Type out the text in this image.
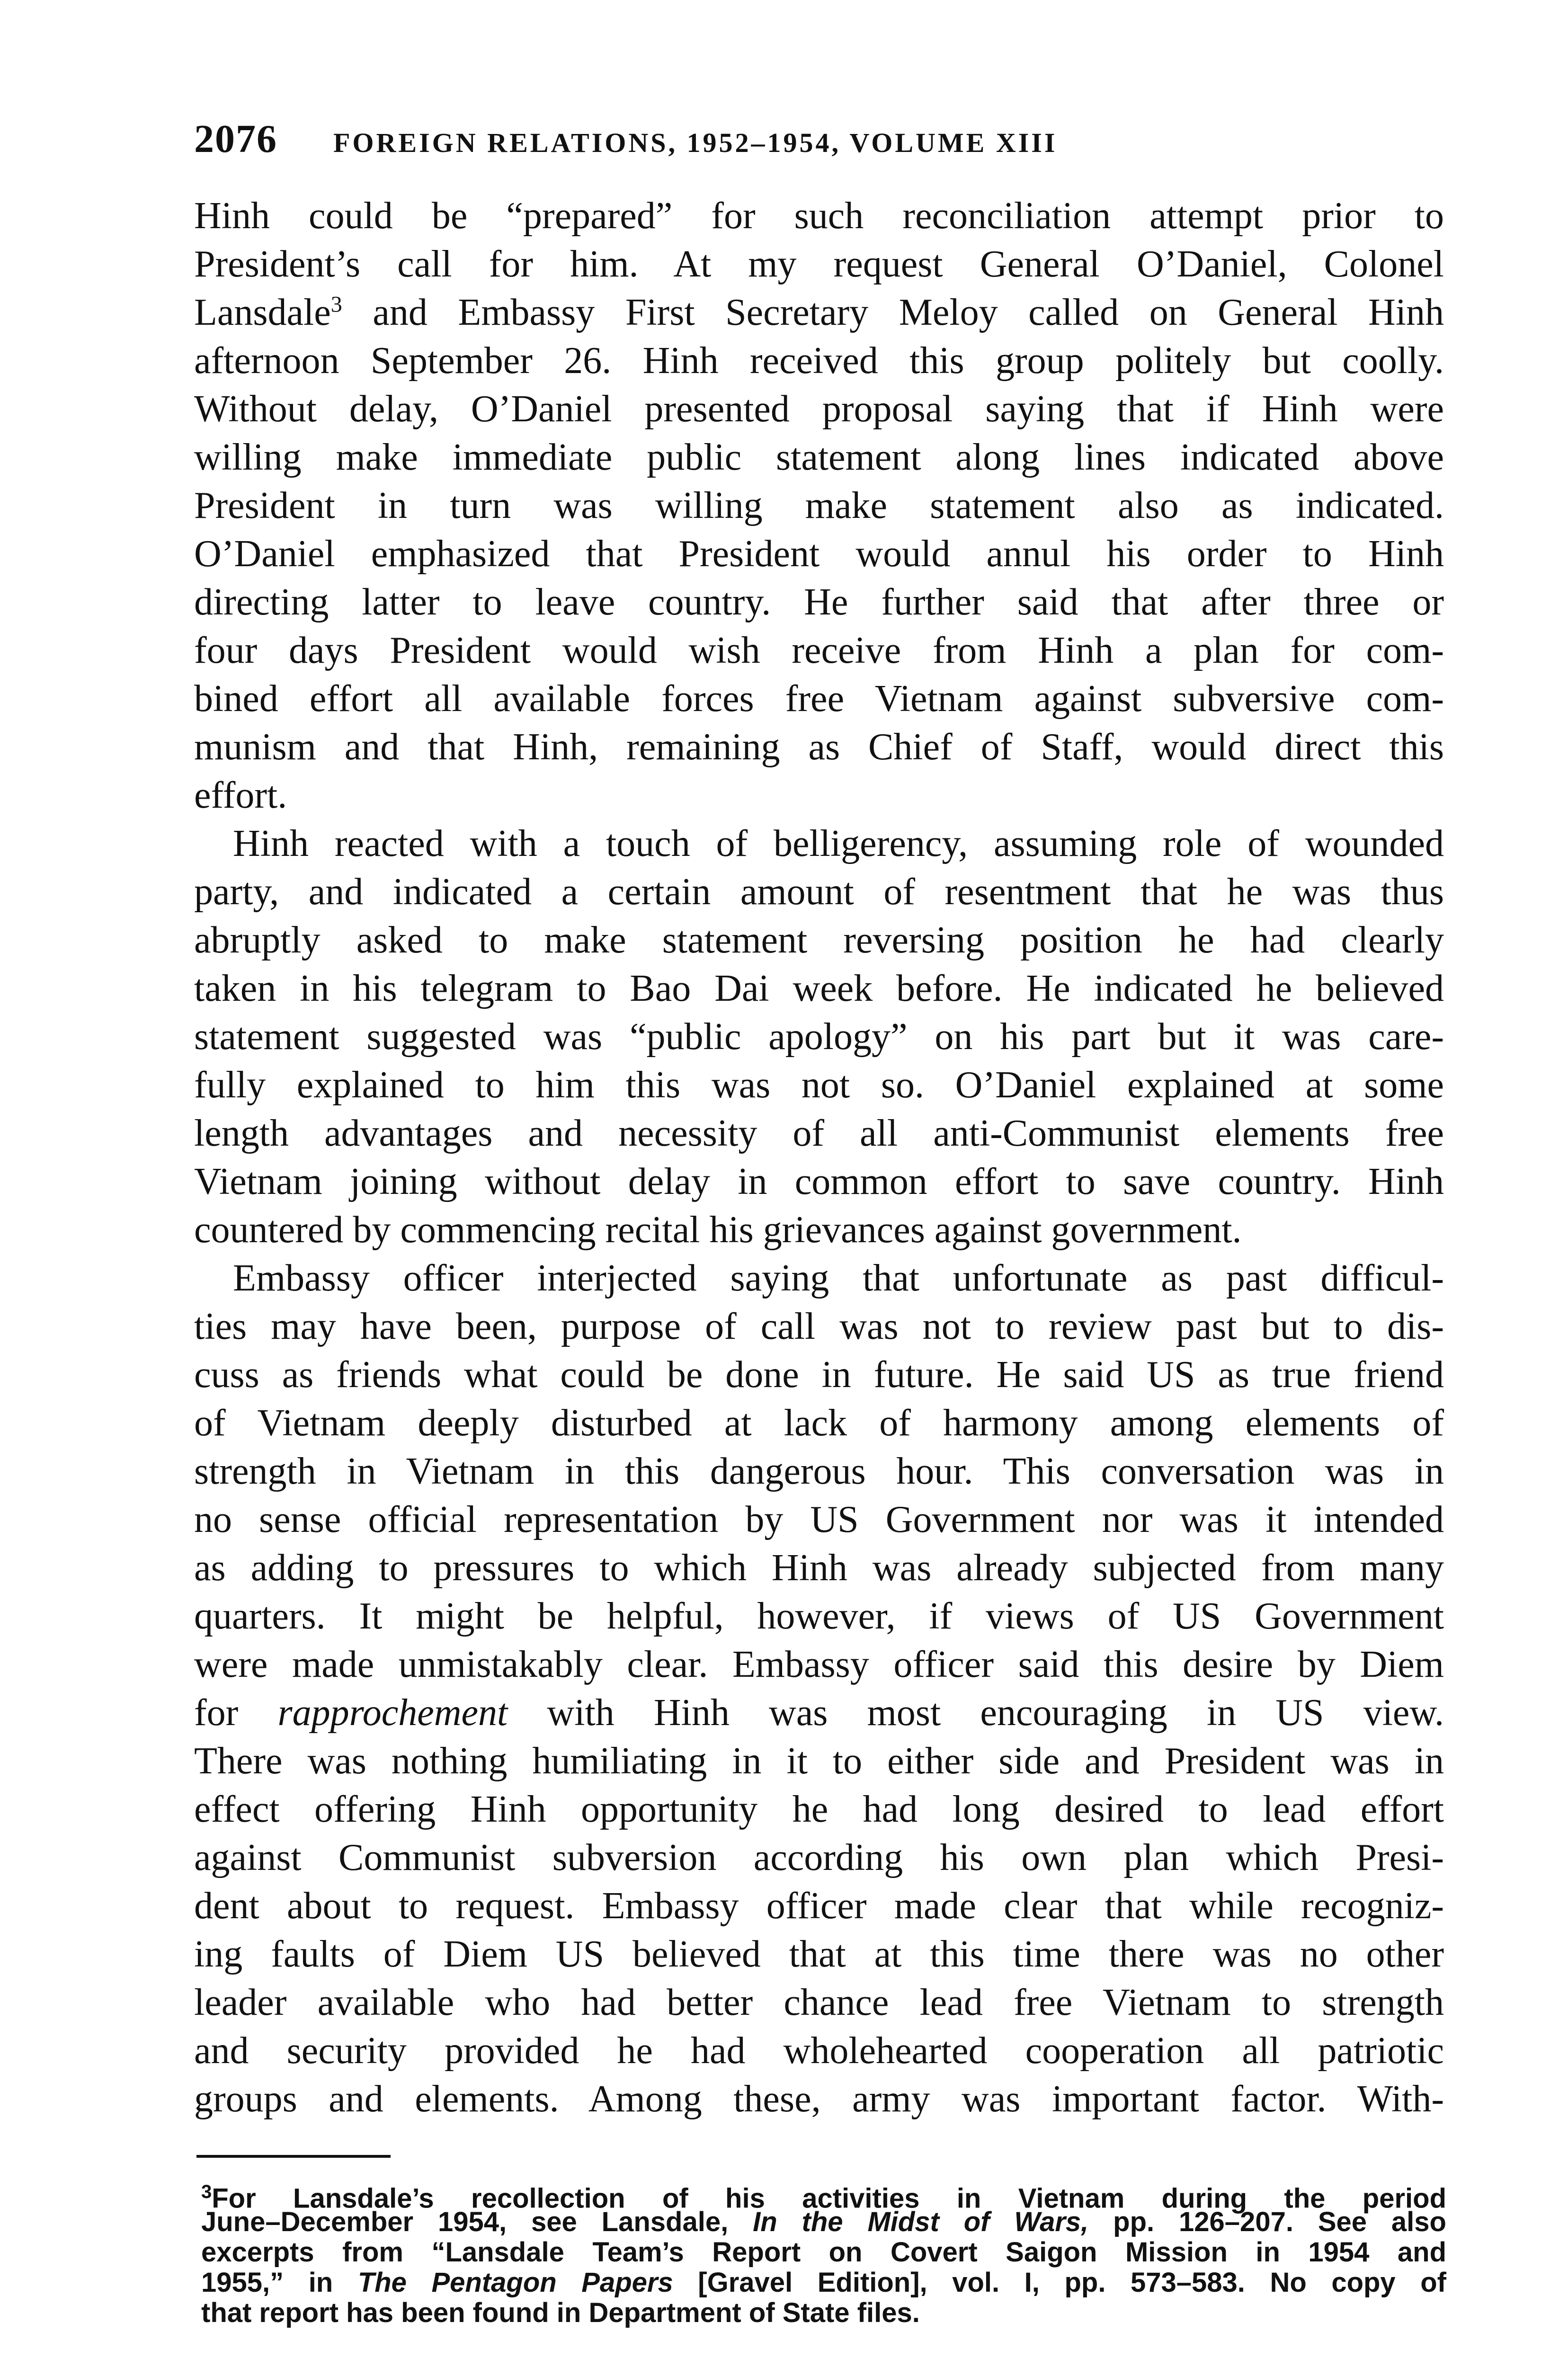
2076 FOREIGN RELATIONS, 1952–1954, VOLUME XIII
Hinh could be “prepared” for such reconciliation attempt prior to
President’s call for him. At my request General O’Daniel, Colonel
Lansdale$^3$ and Embassy First Secretary Meloy called on General Hinh
afternoon September 26. Hinh received this group politely but coolly.
Without delay, O’Daniel presented proposal saying that if Hinh were
willing make immediate public statement along lines indicated above
President in turn was willing make statement also as indicated.
O’Daniel emphasized that President would annul his order to Hinh
directing latter to leave country. He further said that after three or
four days President would wish receive from Hinh a plan for com-
bined effort all available forces free Vietnam against subversive com-
munism and that Hinh, remaining as Chief of Staff, would direct this
effort.
Hinh reacted with a touch of belligerency, assuming role of wounded
party, and indicated a certain amount of resentment that he was thus
abruptly asked to make statement reversing position he had clearly
taken in his telegram to Bao Dai week before. He indicated he believed
statement suggested was “public apology” on his part but it was care-
fully explained to him this was not so. O’Daniel explained at some
length advantages and necessity of all anti-Communist elements free
Vietnam joining without delay in common effort to save country. Hinh
countered by commencing recital his grievances against government.
Embassy officer interjected saying that unfortunate as past difficul-
ties may have been, purpose of call was not to review past but to dis-
cuss as friends what could be done in future. He said US as true friend
of Vietnam deeply disturbed at lack of harmony among elements of
strength in Vietnam in this dangerous hour. This conversation was in
no sense official representation by US Government nor was it intended
as adding to pressures to which Hinh was already subjected from many
quarters. It might be helpful, however, if views of US Government
were made unmistakably clear. Embassy officer said this desire by Diem
for rapprochement with Hinh was most encouraging in US view.
There was nothing humiliating in it to either side and President was in
effect offering Hinh opportunity he had long desired to lead effort
against Communist subversion according his own plan which Presi-
dent about to request. Embassy officer made clear that while recogniz-
ing faults of Diem US believed that at this time there was no other
leader available who had better chance lead free Vietnam to strength
and security provided he had wholehearted cooperation all patriotic
groups and elements. Among these, army was important factor. With-
$^3$For Lansdale’s recollection of his activities in Vietnam during the period
June–December 1954, see Lansdale, In the Midst of Wars, pp. 126–207. See also
excerpts from “Lansdale Team’s Report on Covert Saigon Mission in 1954 and
1955,” in The Pentagon Papers [Gravel Edition], vol. I, pp. 573–583. No copy of
that report has been found in Department of State files.
